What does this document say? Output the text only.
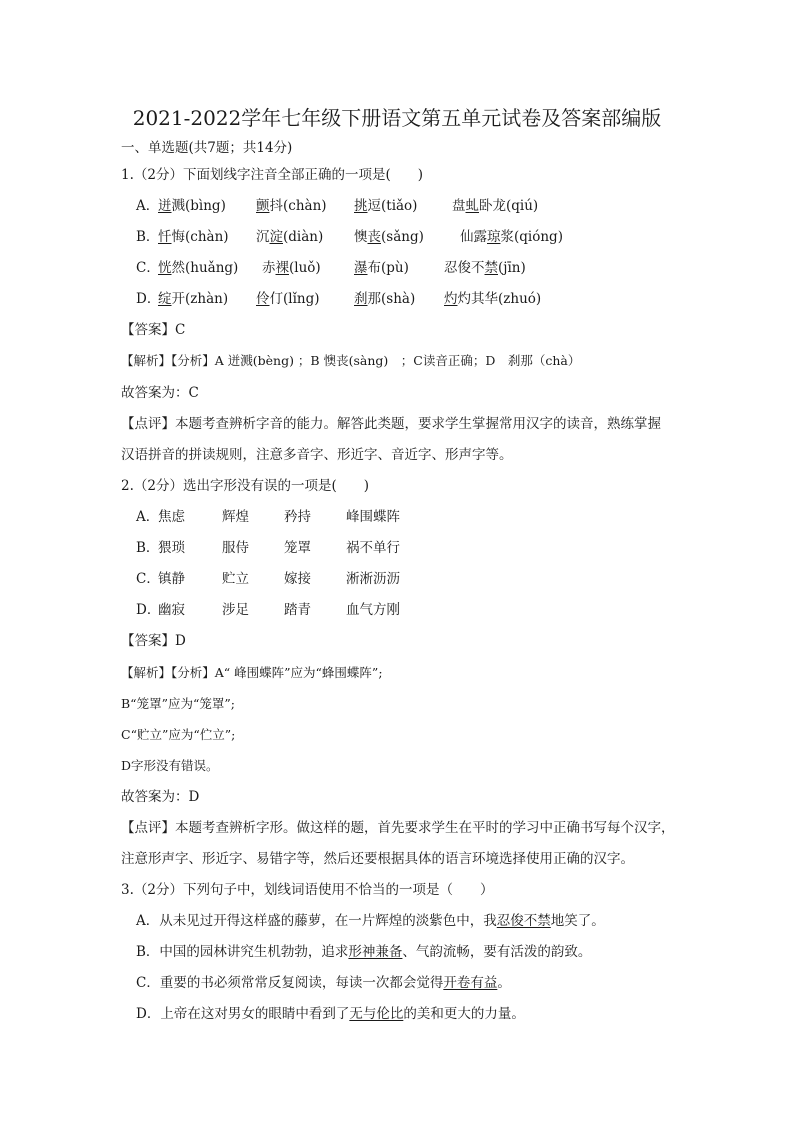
2021-2022学年七年级下册语文第五单元试卷及答案部编版
一、单选题(共7题；共14分)
1.（2分）下面划线字注音全部正确的一项是(　　)
A．
迸溅(bìng) 颤抖(chàn) 挑逗(tiǎo)	盘虬卧龙(qiú)
B．
忏悔(chàn) 沉淀(diàn) 懊丧(sǎng)	仙露琼浆(qióng)
C．
恍然(huǎng) 赤裸(luǒ) 瀑布(pù)	忍俊不禁(jīn)
D．
绽开(zhàn) 伶仃(lǐng)	刹那(shà) 灼灼其华(zhuó)
【答案】C
【解析】【分析】A 迸溅(bèng) ；B 懊丧(sàng)　；C读音正确；D　刹那（chà）
故答案为：C
【点评】本题考查辨析字音的能力。解答此类题，要求学生掌握常用汉字的读音，熟练掌握
汉语拼音的拼读规则，注意多音字、形近字、音近字、形声字等。
2.（2分）选出字形没有误的一项是(　　)
A．
焦虑	辉煌	矜持	峰围蝶阵
B．
猥琐	服侍	笼罩	祸不单行
C．
镇静	贮立	嫁接	淅淅沥沥
D．
幽寂	涉足	踏青	血气方刚
【答案】D
【解析】【分析】A“ 峰围蝶阵”应为“蜂围蝶阵”;
B“笼罩”应为“笼罩”;
C“贮立”应为“伫立”;
D字形没有错误。
故答案为：D
【点评】本题考查辨析字形。做这样的题，首先要求学生在平时的学习中正确书写每个汉字，
注意形声字、形近字、易错字等，然后还要根据具体的语言环境选择使用正确的汉字。
3.（2分）下列句子中，划线词语使用不恰当的一项是（　　）
A．从未见过开得这样盛的藤萝，在一片辉煌的淡紫色中，我忍俊不禁地笑了。
B．中国的园林讲究生机勃勃，追求形神兼备、气韵流畅，要有活泼的韵致。
C．重要的书必须常常反复阅读，每读一次都会觉得开卷有益。
D．上帝在这对男女的眼睛中看到了无与伦比的美和更大的力量。
